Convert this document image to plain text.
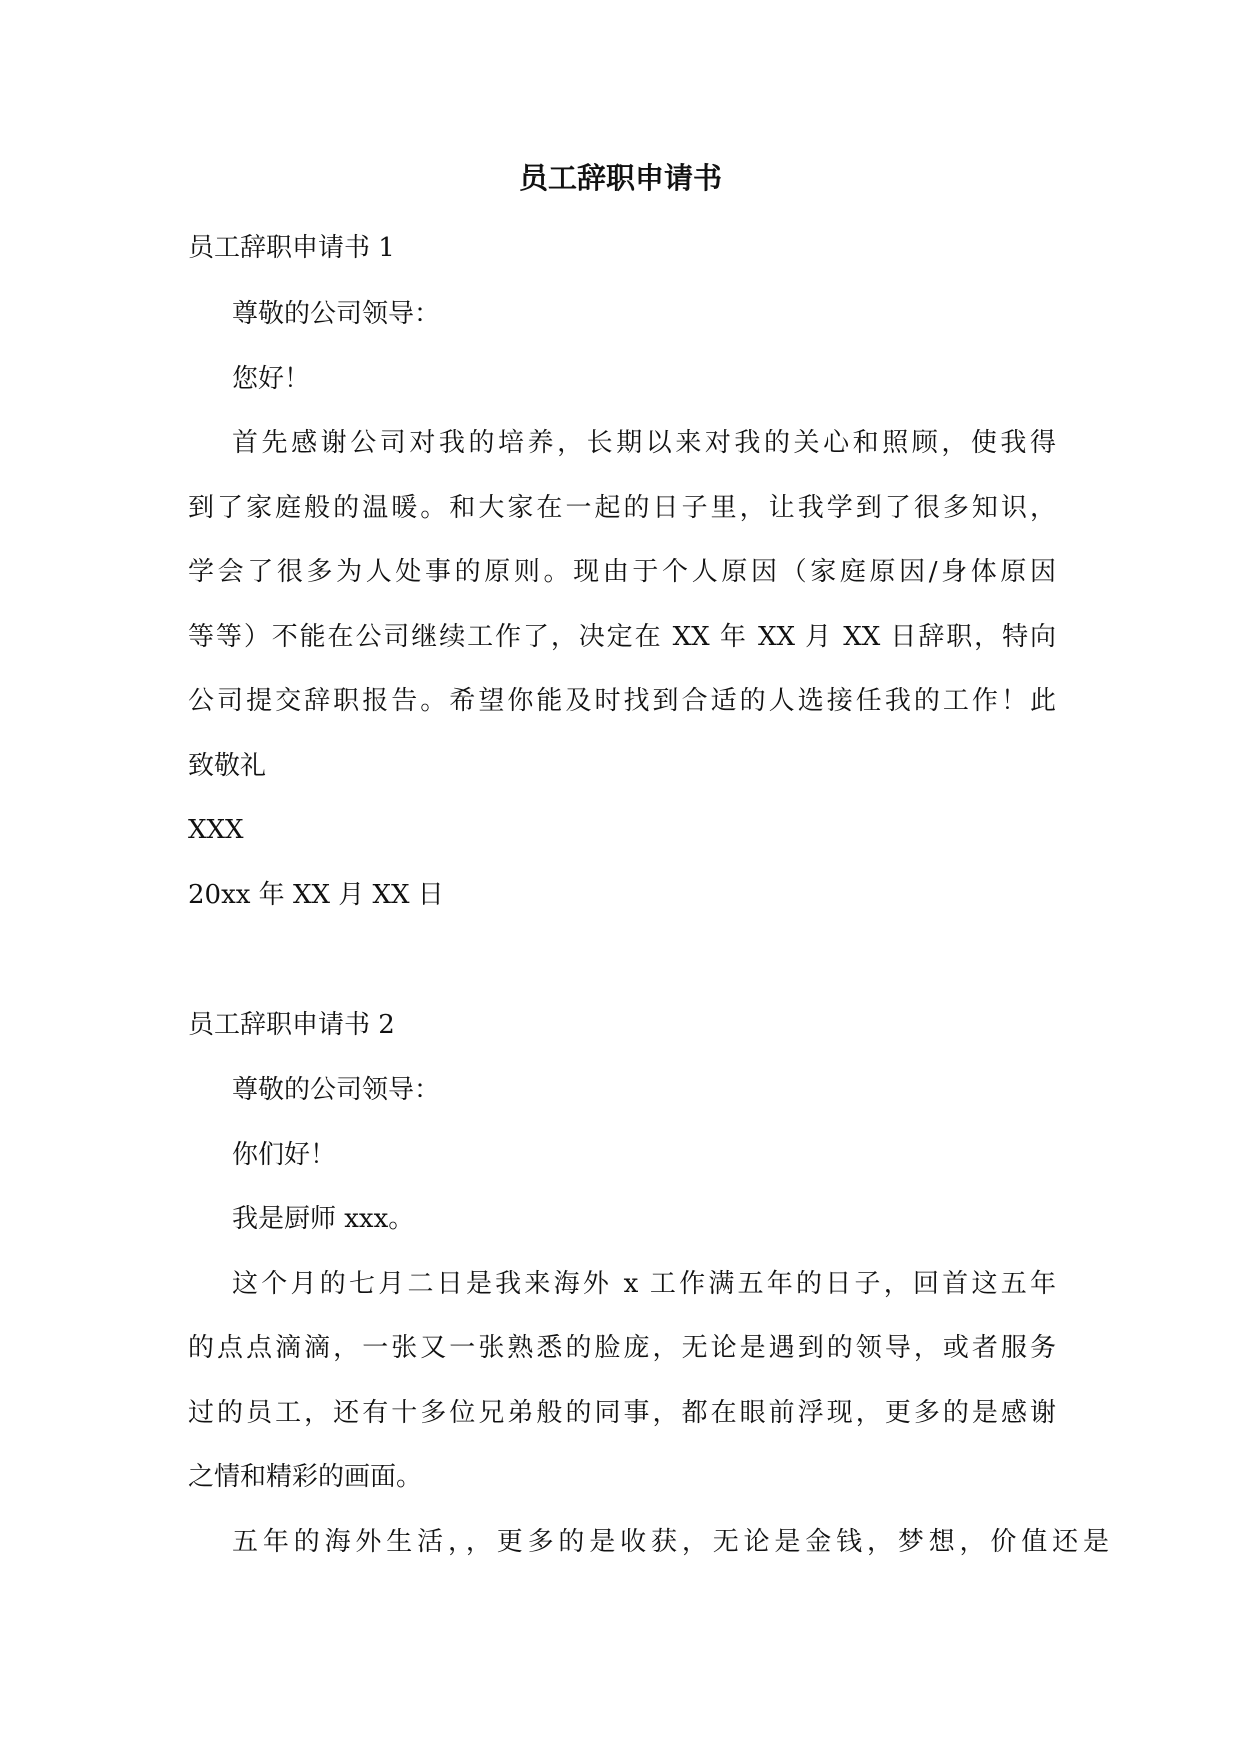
员工辞职申请书
员工辞职申请书 1
尊敬的公司领导：
您好！
首先感谢公司对我的培养，长期以来对我的关心和照顾，使我得
到了家庭般的温暖。和大家在一起的日子里，让我学到了很多知识，
学会了很多为人处事的原则。现由于个人原因（家庭原因/身体原因
等等）不能在公司继续工作了，决定在 XX 年 XX 月 XX 日辞职，特向
公司提交辞职报告。希望你能及时找到合适的人选接任我的工作！此
致敬礼
XXX
20xx 年 XX 月 XX 日
员工辞职申请书 2
尊敬的公司领导：
你们好！
我是厨师 xxx。
这个月的七月二日是我来海外 x 工作满五年的日子，回首这五年
的点点滴滴，一张又一张熟悉的脸庞，无论是遇到的领导，或者服务
过的员工，还有十多位兄弟般的同事，都在眼前浮现，更多的是感谢
之情和精彩的画面。
五年的海外生活，，更多的是收获，无论是金钱，梦想，价值还是
